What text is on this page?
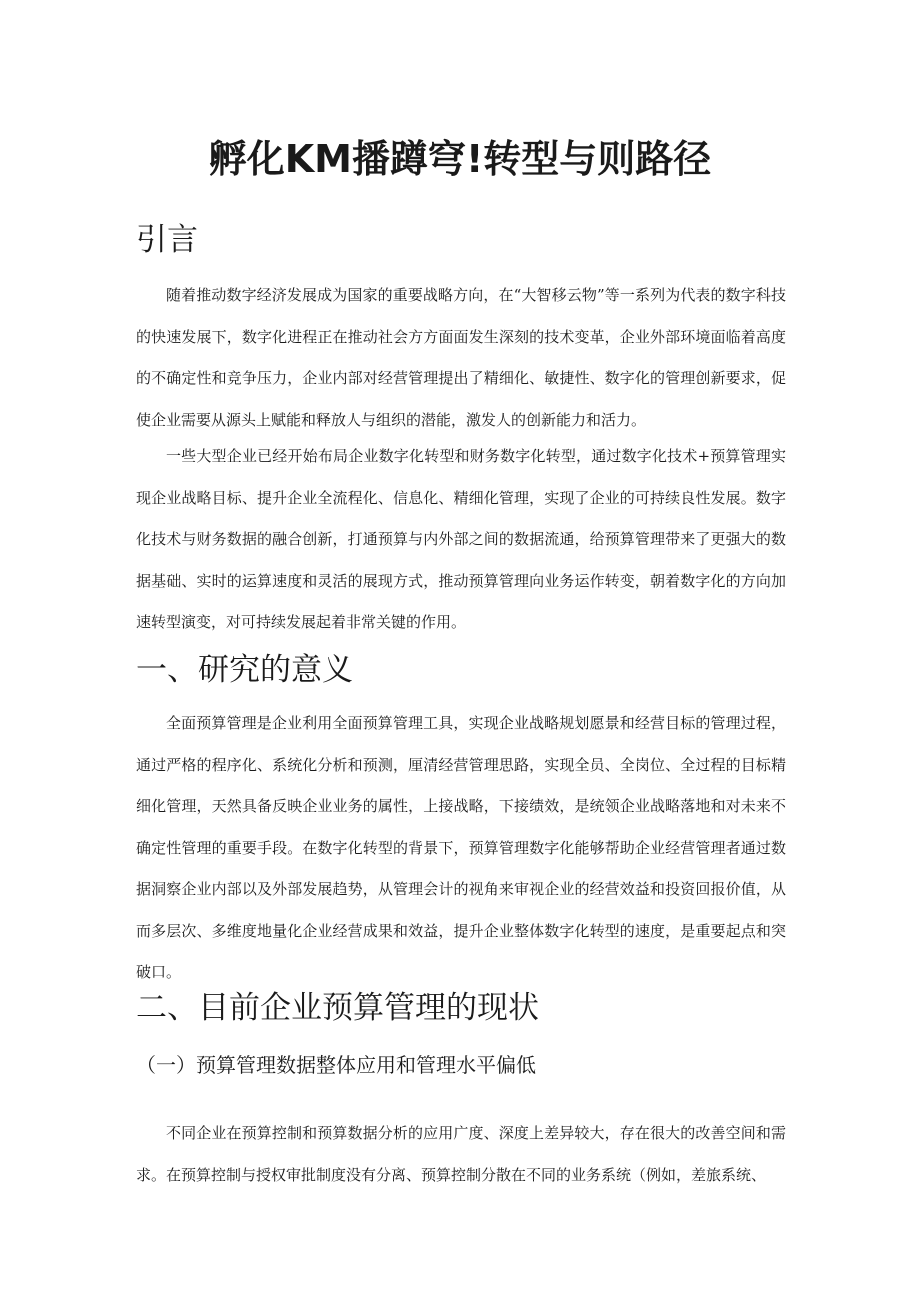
孵化KM播蹲穹!转型与则路径
引言

随着推动数字经济发展成为国家的重要战略方向，在“大智移云物”等一系列为代表的数字科技的快速发展下，数字化进程正在推动社会方方面面发生深刻的技术变革，企业外部环境面临着高度的不确定性和竞争压力，企业内部对经营管理提出了精细化、敏捷性、数字化的管理创新要求，促使企业需要从源头上赋能和释放人与组织的潜能，激发人的创新能力和活力。

一些大型企业已经开始布局企业数字化转型和财务数字化转型，通过数字化技术+预算管理实现企业战略目标、提升企业全流程化、信息化、精细化管理，实现了企业的可持续良性发展。数字化技术与财务数据的融合创新，打通预算与内外部之间的数据流通，给预算管理带来了更强大的数据基础、实时的运算速度和灵活的展现方式，推动预算管理向业务运作转变，朝着数字化的方向加速转型演变，对可持续发展起着非常关键的作用。

一、研究的意义

全面预算管理是企业利用全面预算管理工具，实现企业战略规划愿景和经营目标的管理过程，通过严格的程序化、系统化分析和预测，厘清经营管理思路，实现全员、全岗位、全过程的目标精细化管理，天然具备反映企业业务的属性，上接战略，下接绩效，是统领企业战略落地和对未来不确定性管理的重要手段。在数字化转型的背景下，预算管理数字化能够帮助企业经营管理者通过数据洞察企业内部以及外部发展趋势，从管理会计的视角来审视企业的经营效益和投资回报价值，从而多层次、多维度地量化企业经营成果和效益，提升企业整体数字化转型的速度，是重要起点和突破口。

二、目前企业预算管理的现状
（一）预算管理数据整体应用和管理水平偏低

不同企业在预算控制和预算数据分析的应用广度、深度上差异较大，存在很大的改善空间和需求。在预算控制与授权审批制度没有分离、预算控制分散在不同的业务系统（例如，差旅系统、
